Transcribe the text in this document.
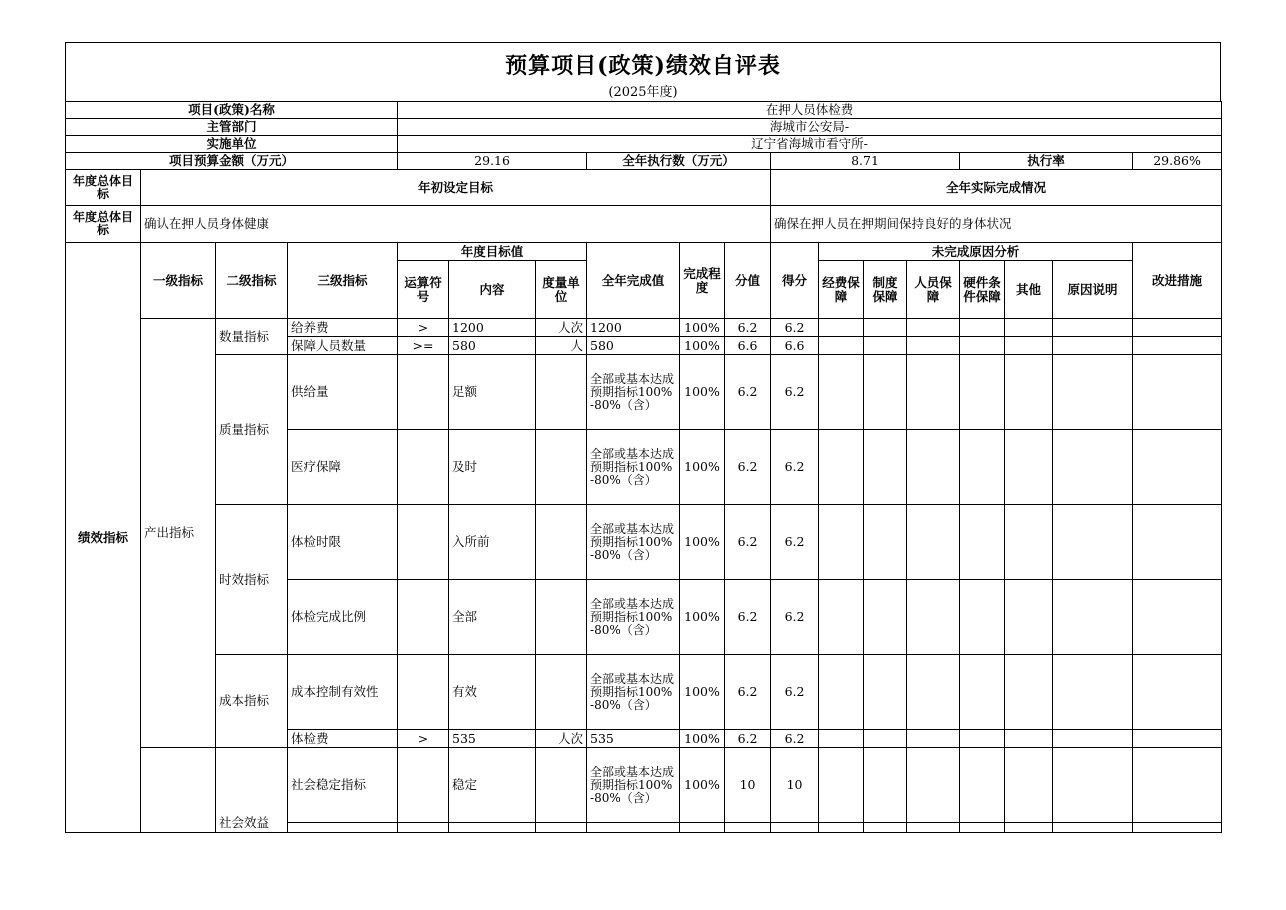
预算项目(政策)绩效自评表
(2025年度)
项目(政策)名称				在押人员体检费														
主管部门				海城市公安局-														
实施单位				辽宁省海城市看守所-														
项目预算金额（万元）				29.16			全年执行数（万元）			8.71				执行率			29.86%	
年度总体目标	年初设定目标									全年实际完成情况								
年度总体目标	确认在押人员身体健康									确保在押人员在押期间保持良好的身体状况								
绩效指标	一级指标	二级指标	三级指标	年度目标值			全年完成值	完成程度	分值	得分	未完成原因分析						改进措施	
				运算符号	内容	度量单位					经费保障	制度保障	人员保障	硬件条件保障	其他	原因说明		
	产出指标	数量指标	给养费	>	1200	人次	1200	100%	6.2	6.2								
			保障人员数量	>=	580	人	580	100%	6.6	6.6								
		质量指标	供给量		足额		全部或基本达成预期指标100%-80%（含）	100%	6.2	6.2								
			医疗保障		及时		全部或基本达成预期指标100%-80%（含）	100%	6.2	6.2								
		时效指标	体检时限		入所前		全部或基本达成预期指标100%-80%（含）	100%	6.2	6.2								
			体检完成比例		全部		全部或基本达成预期指标100%-80%（含）	100%	6.2	6.2								
		成本指标	成本控制有效性		有效		全部或基本达成预期指标100%-80%（含）	100%	6.2	6.2								
			体检费	>	535	人次	535	100%	6.2	6.2								
		社会效益	社会稳定指标		稳定		全部或基本达成预期指标100%-80%（含）	100%	10	10								
